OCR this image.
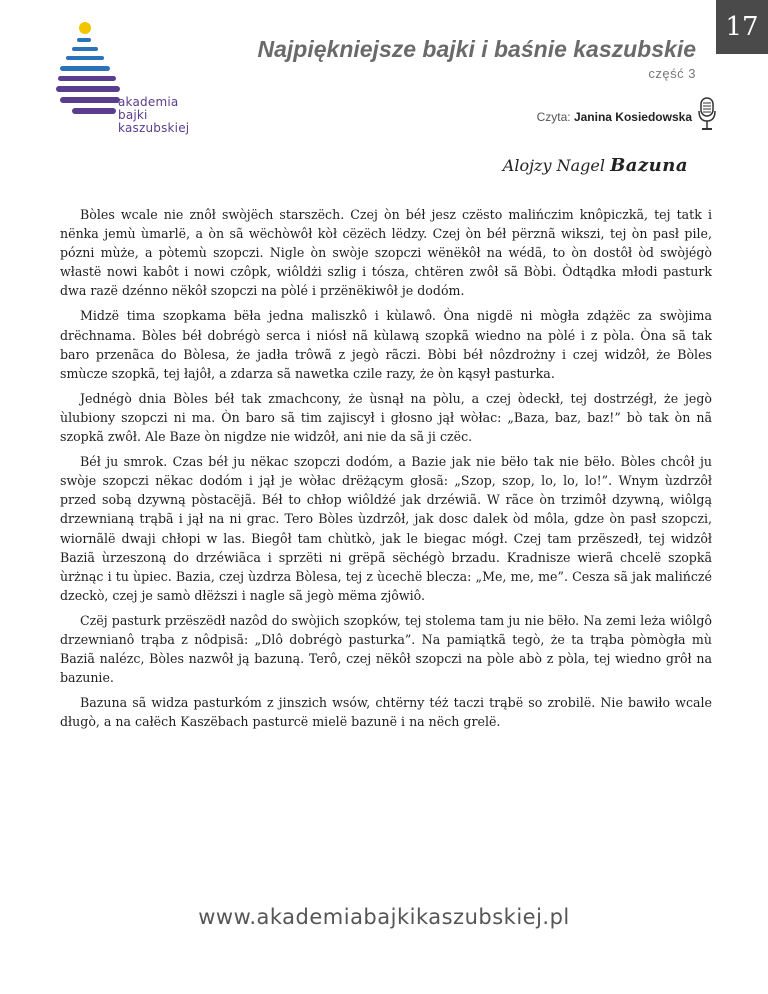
17
akademia
bajki
kaszubskiej
Najpiękniejsze bajki i baśnie kaszubskie
część 3
Czyta: Janina Kosiedowska
Alojzy Nagel Bazuna

Bòles wcale nie znôł swòjëch starszëch. Czej òn béł jesz czësto malińczim knôpiczkã, tej tatk i nënka jemù ùmarlë, a òn sã wëchòwôł kòł cëzëch lëdzy. Czej òn béł përznã wikszi, tej òn pasł pile, pózni mùże, a pòtemù szopczi. Nigle òn swòje szopczi wënëkôł na wédã, to òn dostôł òd swòjégò włastë nowi kabôt i nowi czôpk, wiôldżi szlig i tósza, chtëren zwôł sã Bòbi. Òdtądka młodi pasturk dwa razë dzénno nëkôł szopczi na pòlé i przënëkiwôł je dodóm.

Midzë tima szopkama bëła jedna maliszkô i kùlawô. Òna nigdë ni mògła zdążëc za swòjima drëchnama. Bòles béł dobrégò serca i niósł nã kùlawą szopkã wiedno na pòlé i z pòla. Òna sã tak baro przenãca do Bòlesa, że jadła trôwã z jegò rãczi. Bòbi béł nôzdrożny i czej widzôł, że Bòles smùcze szopkã, tej łajôł, a zdarza sã nawetka czile razy, że òn kąsył pasturka.

Jednégò dnia Bòles béł tak zmachcony, że ùsnął na pòlu, a czej òdeckł, tej dostrzégł, że jegò ùlubiony szopczi ni ma. Òn baro sã tim zajiscył i głosno jął wòłac: „Baza, baz, baz!” bò tak òn nã szopkã zwôł. Ale Baze òn nigdze nie widzôł, ani nie da sã ji czëc.

Béł ju smrok. Czas béł ju nëkac szopczi dodóm, a Bazie jak nie bëło tak nie bëło. Bòles chcôł ju swòje szopczi nëkac dodóm i jął je wòłac drëżącym głosã: „Szop, szop, lo, lo, lo!”. Wnym ùzdrzôł przed sobą dzywną pòstacëjã. Béł to chłop wiôldżé jak drzéwiã. W rãce òn trzimôł dzywną, wiôlgą drzewnianą trąbã i jął na ni grac. Tero Bòles ùzdrzôł, jak dosc dalek òd môla, gdze òn pasł szopczi, wiornãlë dwaji chłopi w las. Biegôł tam chùtkò, jak le biegac mógł. Czej tam przëszedł, tej widzôł Baziã ùrzeszoną do drzéwiãca i sprzëti ni grëpã sëchégò brzadu. Kradnisze wierã chcelë szopkã ùrżnąc i tu ùpiec. Bazia, czej ùzdrza Bòlesa, tej z ùcechë blecza: „Me, me, me”. Cesza sã jak malińczé dzeckò, czej je samò dłëższi i nagle sã jegò mëma zjôwiô.

Czëj pasturk przëszëdł nazôd do swòjich szopków, tej stolema tam ju nie bëło. Na zemi leża wiôlgô drzewnianô trąba z nôdpisã: „Dlô dobrégò pasturka”. Na pamiątkã tegò, że ta trąba pòmògła mù Baziã nalézc, Bòles nazwôł ją bazuną. Terô, czej nëkôł szopczi na pòle abò z pòla, tej wiedno grôł na bazunie.

Bazuna sã widza pasturkóm z jinszich wsów, chtërny téż taczi trąbë so zrobilë. Nie bawiło wcale długò, a na całëch Kaszëbach pasturcë mielë bazunë i na nëch grelë.

www.akademiabajkikaszubskiej.pl
